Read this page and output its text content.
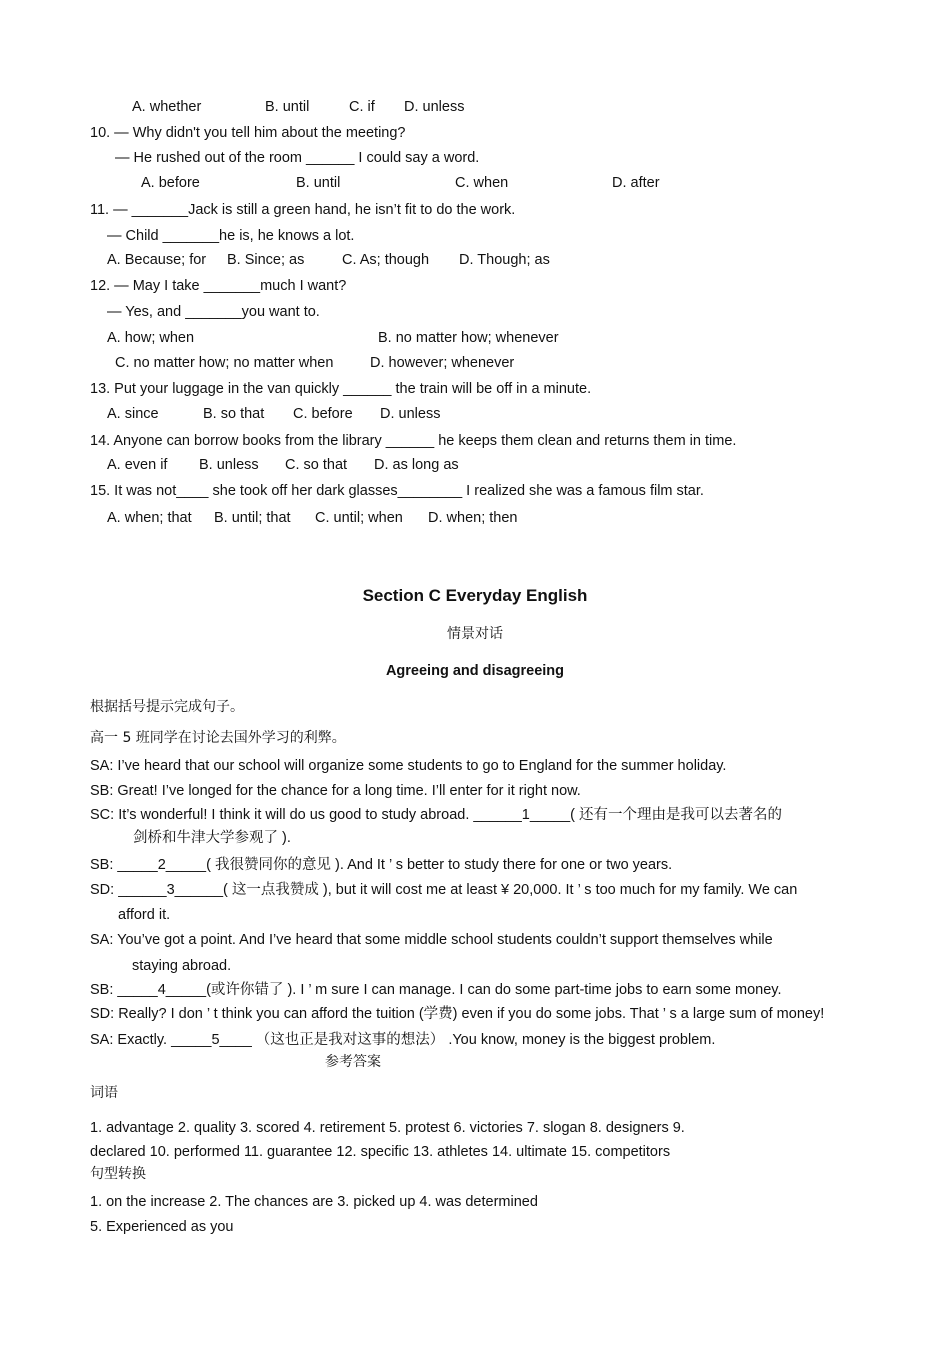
A. whether	B. until	C. if D. unless
10. — Why didn't you tell him about the meeting?
— He rushed out of the room ______ I could say a word.
A. before	B. until	C. when	D. after
11. — _______Jack is still a green hand, he isn’t fit to do the work.
— Child _______he is, he knows a lot.
A. Because; for B. Since; as	C. As; though D. Though; as
12. — May I take _______much I want?
— Yes, and _______you want to.
A. how; when	B. no matter how; whenever
C. no matter how; no matter when	D. however; whenever
13. Put your luggage in the van quickly ______ the train will be off in a minute.
A. since	B. so that C. before D. unless
14. Anyone can borrow books from the library ______ he keeps them clean and returns them in time.
A. even if B. unless C. so that D. as long as
15. It was not____ she took off her dark glasses________ I realized she was a famous film star.
A. when; that B. until; that C. until; when D. when; then
Section C Everyday English
情景对话
Agreeing and disagreeing
根据括号提示完成句子。
高一 5 班同学在讨论去国外学习的利弊。
SA: I’ve heard that our school will organize some students to go to England for the summer holiday.
SB: Great! I’ve longed for the chance for a long time. I’ll enter for it right now.
SC: It’s wonderful! I think it will do us good to study abroad. ______1_____( 还有一个理由是我可以去著名的
剑桥和牛津大学参观了 ).
SB: _____2_____( 我很赞同你的意见 ). And It ’ s better to study there for one or two years.
SD: ______3______( 这一点我赞成 ), but it will cost me at least ¥ 20,000. It ’ s too much for my family. We can
afford it.
SA: You’ve got a point. And I’ve heard that some middle school students couldn’t support themselves while
staying abroad.
SB: _____4_____(或许你错了 ). I ’ m sure I can manage. I can do some part-time jobs to earn some money.
SD: Really? I don ’ t think you can afford the tuition (学费) even if you do some jobs. That ’ s a large sum of money!
SA: Exactly. _____5____ （这也正是我对这事的想法） .You know, money is the biggest problem.
参考答案
词语
1. advantage 2. quality 3. scored 4. retirement 5. protest 6. victories 7. slogan 8. designers 9.
declared 10. performed 11. guarantee 12. specific 13. athletes 14. ultimate 15. competitors
句型转换
1. on the increase 2. The chances are 3. picked up 4. was determined
5. Experienced as you
